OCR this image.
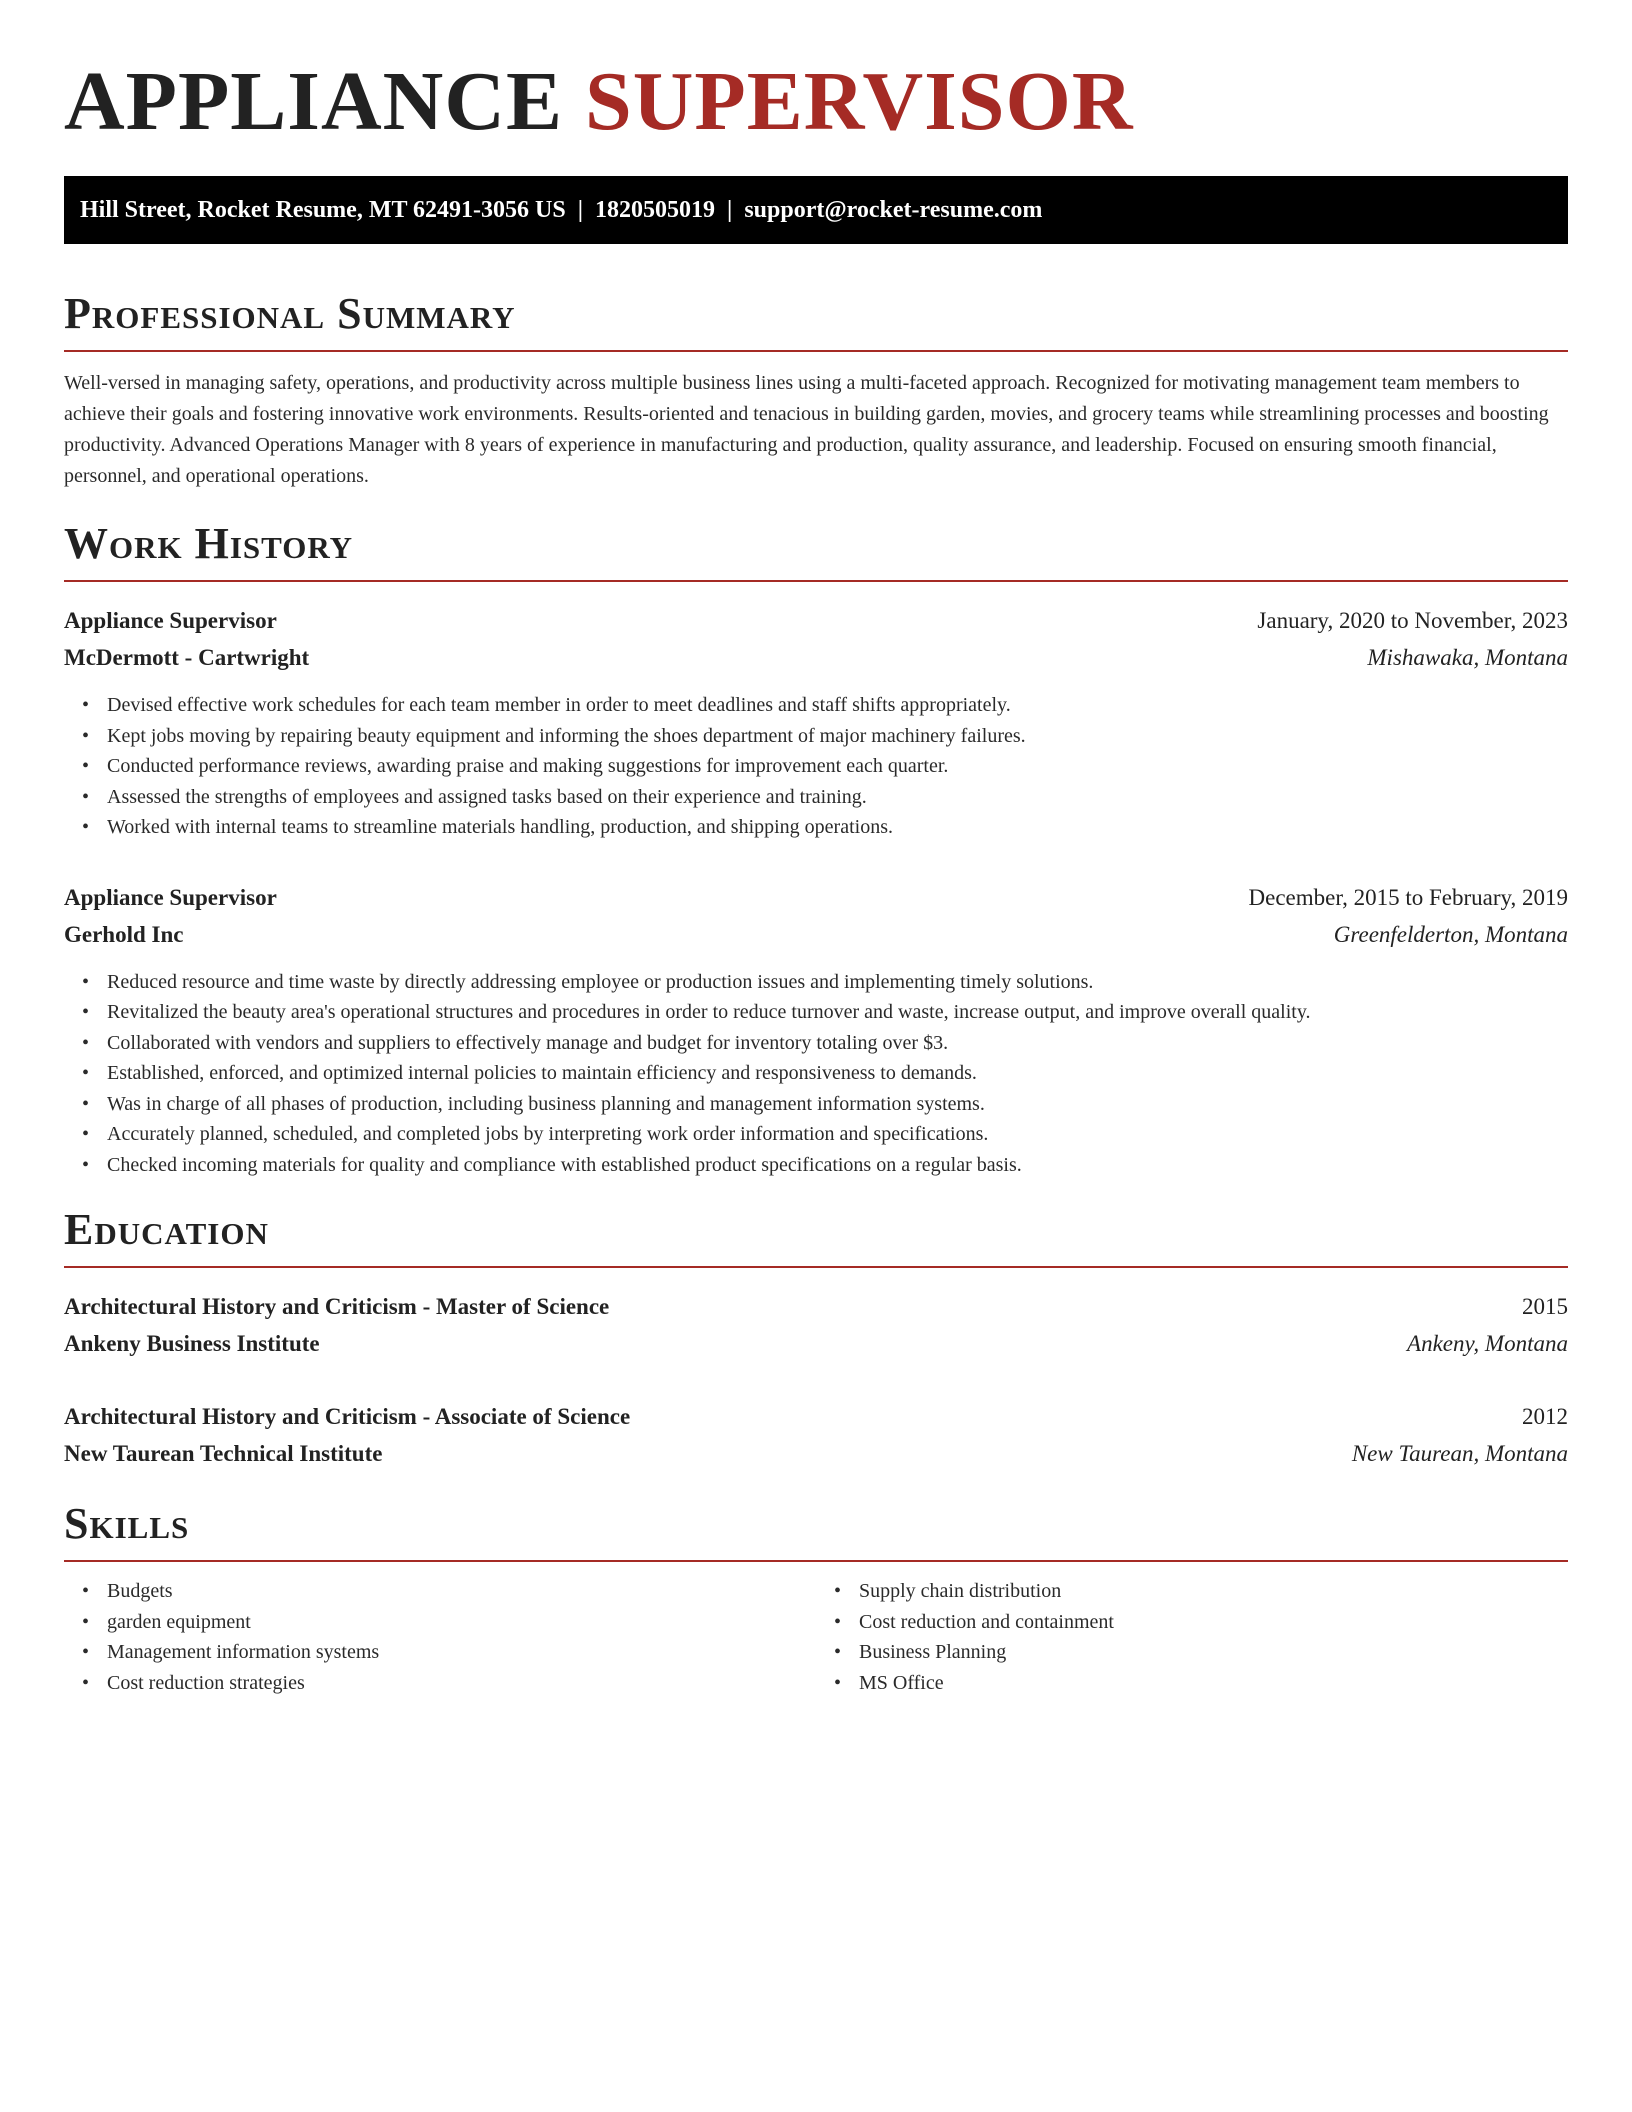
APPLIANCE SUPERVISOR
Hill Street, Rocket Resume, MT 62491-3056 US | 1820505019 | support@rocket-resume.com
Professional Summary

Well-versed in managing safety, operations, and productivity across multiple business lines using a multi-faceted approach. Recognized for motivating management team members to achieve their goals and fostering innovative work environments. Results-oriented and tenacious in building garden, movies, and grocery teams while streamlining processes and boosting productivity. Advanced Operations Manager with 8 years of experience in manufacturing and production, quality assurance, and leadership. Focused on ensuring smooth financial, personnel, and operational operations.

Work History
Appliance Supervisor	January, 2020 to November, 2023
McDermott - Cartwright	Mishawaka, Montana
• Devised effective work schedules for each team member in order to meet deadlines and staff shifts appropriately.
• Kept jobs moving by repairing beauty equipment and informing the shoes department of major machinery failures.
• Conducted performance reviews, awarding praise and making suggestions for improvement each quarter.
• Assessed the strengths of employees and assigned tasks based on their experience and training.
• Worked with internal teams to streamline materials handling, production, and shipping operations.
Appliance Supervisor	December, 2015 to February, 2019
Gerhold Inc	Greenfelderton, Montana
• Reduced resource and time waste by directly addressing employee or production issues and implementing timely solutions.
• Revitalized the beauty area's operational structures and procedures in order to reduce turnover and waste, increase output, and improve overall quality.
• Collaborated with vendors and suppliers to effectively manage and budget for inventory totaling over $3.
• Established, enforced, and optimized internal policies to maintain efficiency and responsiveness to demands.
• Was in charge of all phases of production, including business planning and management information systems.
• Accurately planned, scheduled, and completed jobs by interpreting work order information and specifications.
• Checked incoming materials for quality and compliance with established product specifications on a regular basis.
Education
Architectural History and Criticism - Master of Science	2015
Ankeny Business Institute	Ankeny, Montana
Architectural History and Criticism - Associate of Science	2012
New Taurean Technical Institute	New Taurean, Montana
Skills
• Budgets
• garden equipment
• Management information systems
• Cost reduction strategies
• Supply chain distribution
• Cost reduction and containment
• Business Planning
• MS Office
